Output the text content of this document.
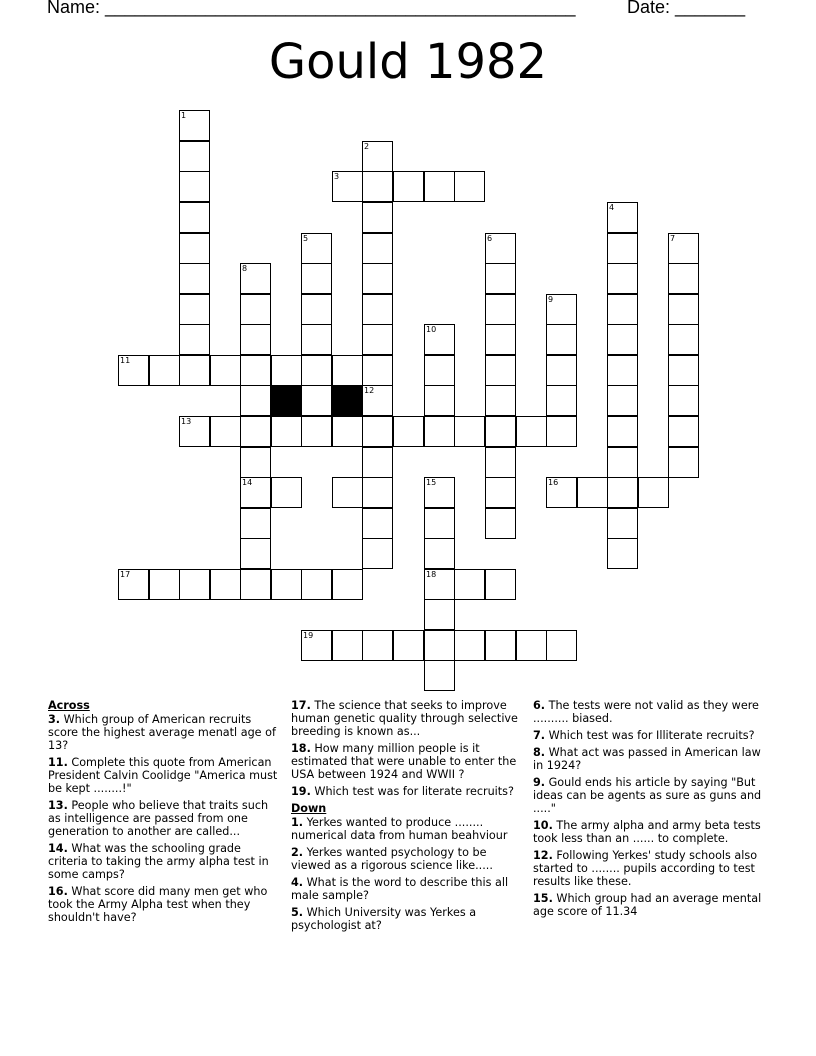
Name: _______________________________________________	Date: _______
Gould 1982
1
13
2
12
3
4
5	6	7
8
14
9
16
10
15
18
11
17
19
Across
3. Which group of American recruits score the highest average menatl age of 13?
11. Complete this quote from American President Calvin Coolidge "America must be kept ........!"
13. People who believe that traits such as intelligence are passed from one generation to another are called...
14. What was the schooling grade criteria to taking the army alpha test in some camps?
16. What score did many men get who took the Army Alpha test when they shouldn't have?
17. The science that seeks to improve human genetic quality through selective breeding is known as...
18. How many million people is it estimated that were unable to enter the USA between 1924 and WWII ?
19. Which test was for literate recruits?
Down
1. Yerkes wanted to produce ........ numerical data from human beahviour
2. Yerkes wanted psychology to be viewed as a rigorous science like.....
4. What is the word to describe this all male sample?
5. Which University was Yerkes a psychologist at?
6. The tests were not valid as they were .......... biased.
7. Which test was for Illiterate recruits?
8. What act was passed in American law in 1924?
9. Gould ends his article by saying "But ideas can be agents as sure as guns and ....."
10. The army alpha and army beta tests took less than an ...... to complete.
12. Following Yerkes' study schools also started to ........ pupils according to test results like these.
15. Which group had an average mental age score of 11.34
